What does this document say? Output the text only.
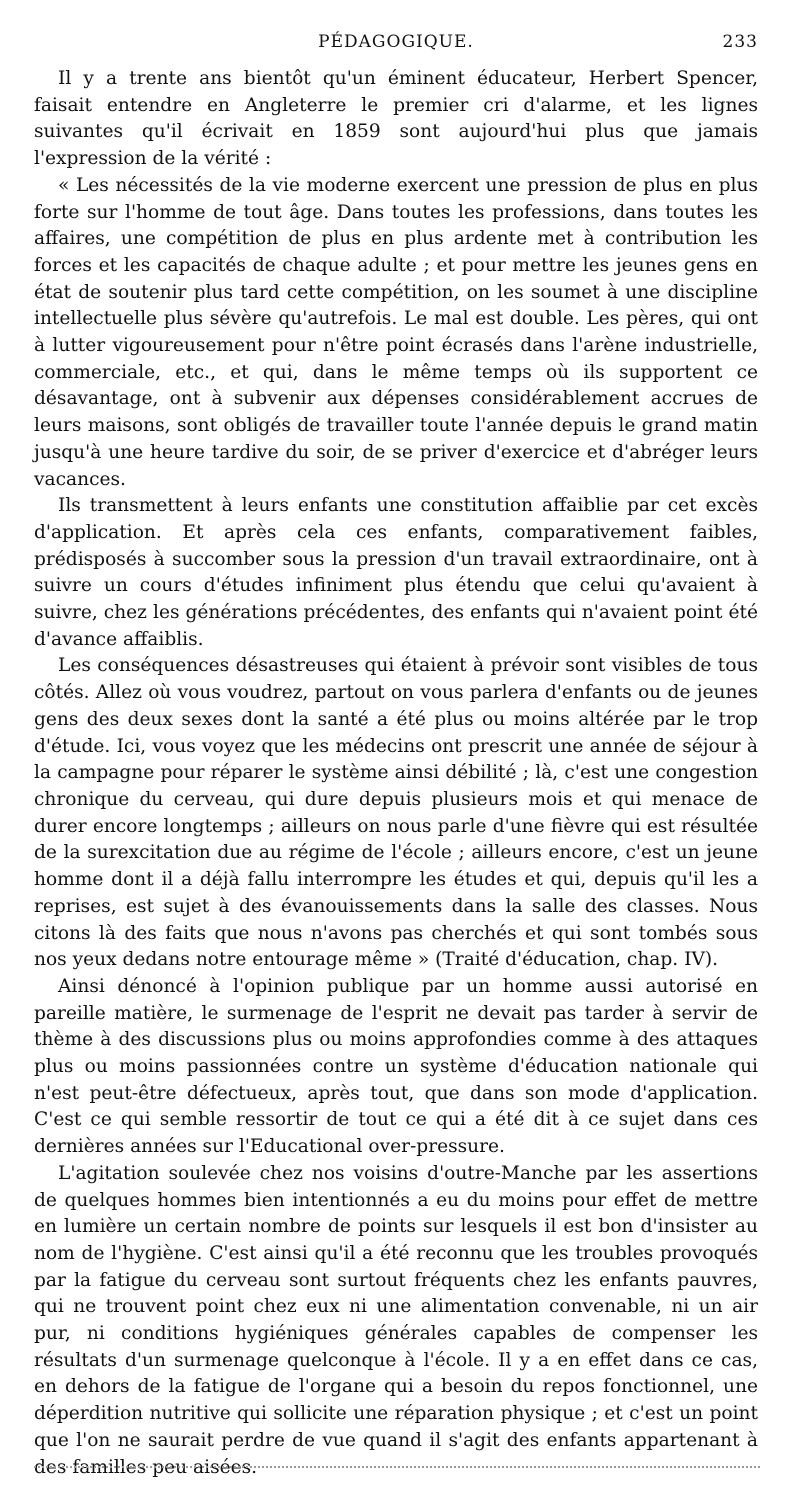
PÉDAGOGIQUE.	233

Il y a trente ans bientôt qu'un éminent éducateur, Herbert Spencer, faisait entendre en Angleterre le premier cri d'alarme, et les lignes suivantes qu'il écrivait en 1859 sont aujourd'hui plus que jamais l'expression de la vérité :

« Les nécessités de la vie moderne exercent une pression de plus en plus forte sur l'homme de tout âge. Dans toutes les professions, dans toutes les affaires, une compétition de plus en plus ardente met à contribution les forces et les capacités de chaque adulte ; et pour mettre les jeunes gens en état de soutenir plus tard cette compétition, on les soumet à une discipline intellectuelle plus sévère qu'autrefois. Le mal est double. Les pères, qui ont à lutter vigoureusement pour n'être point écrasés dans l'arène industrielle, commerciale, etc., et qui, dans le même temps où ils supportent ce désavantage, ont à subvenir aux dépenses considérablement accrues de leurs maisons, sont obligés de travailler toute l'année depuis le grand matin jusqu'à une heure tardive du soir, de se priver d'exercice et d'abréger leurs vacances.

Ils transmettent à leurs enfants une constitution affaiblie par cet excès d'application. Et après cela ces enfants, comparativement faibles, prédisposés à succomber sous la pression d'un travail extraordinaire, ont à suivre un cours d'études infiniment plus étendu que celui qu'avaient à suivre, chez les générations précédentes, des enfants qui n'avaient point été d'avance affaiblis.

Les conséquences désastreuses qui étaient à prévoir sont visibles de tous côtés. Allez où vous voudrez, partout on vous parlera d'enfants ou de jeunes gens des deux sexes dont la santé a été plus ou moins altérée par le trop d'étude. Ici, vous voyez que les médecins ont prescrit une année de séjour à la campagne pour réparer le système ainsi débilité ; là, c'est une congestion chronique du cerveau, qui dure depuis plusieurs mois et qui menace de durer encore longtemps ; ailleurs on nous parle d'une fièvre qui est résultée de la surexcitation due au régime de l'école ; ailleurs encore, c'est un jeune homme dont il a déjà fallu interrompre les études et qui, depuis qu'il les a reprises, est sujet à des évanouissements dans la salle des classes. Nous citons là des faits que nous n'avons pas cherchés et qui sont tombés sous nos yeux dedans notre entourage même » (Traité d'éducation, chap. IV).

Ainsi dénoncé à l'opinion publique par un homme aussi autorisé en pareille matière, le surmenage de l'esprit ne devait pas tarder à servir de thème à des discussions plus ou moins approfondies comme à des attaques plus ou moins passionnées contre un système d'éducation nationale qui n'est peut-être défectueux, après tout, que dans son mode d'application. C'est ce qui semble ressortir de tout ce qui a été dit à ce sujet dans ces dernières années sur l'Educational over-pressure.

L'agitation soulevée chez nos voisins d'outre-Manche par les assertions de quelques hommes bien intentionnés a eu du moins pour effet de mettre en lumière un certain nombre de points sur lesquels il est bon d'insister au nom de l'hygiène. C'est ainsi qu'il a été reconnu que les troubles provoqués par la fatigue du cerveau sont surtout fréquents chez les enfants pauvres, qui ne trouvent point chez eux ni une alimentation convenable, ni un air pur, ni conditions hygiéniques générales capables de compenser les résultats d'un surmenage quelconque à l'école. Il y a en effet dans ce cas, en dehors de la fatigue de l'organe qui a besoin du repos fonctionnel, une déperdition nutritive qui sollicite une réparation physique ; et c'est un point que l'on ne saurait perdre de vue quand il s'agit des enfants appartenant à des familles peu aisées.
